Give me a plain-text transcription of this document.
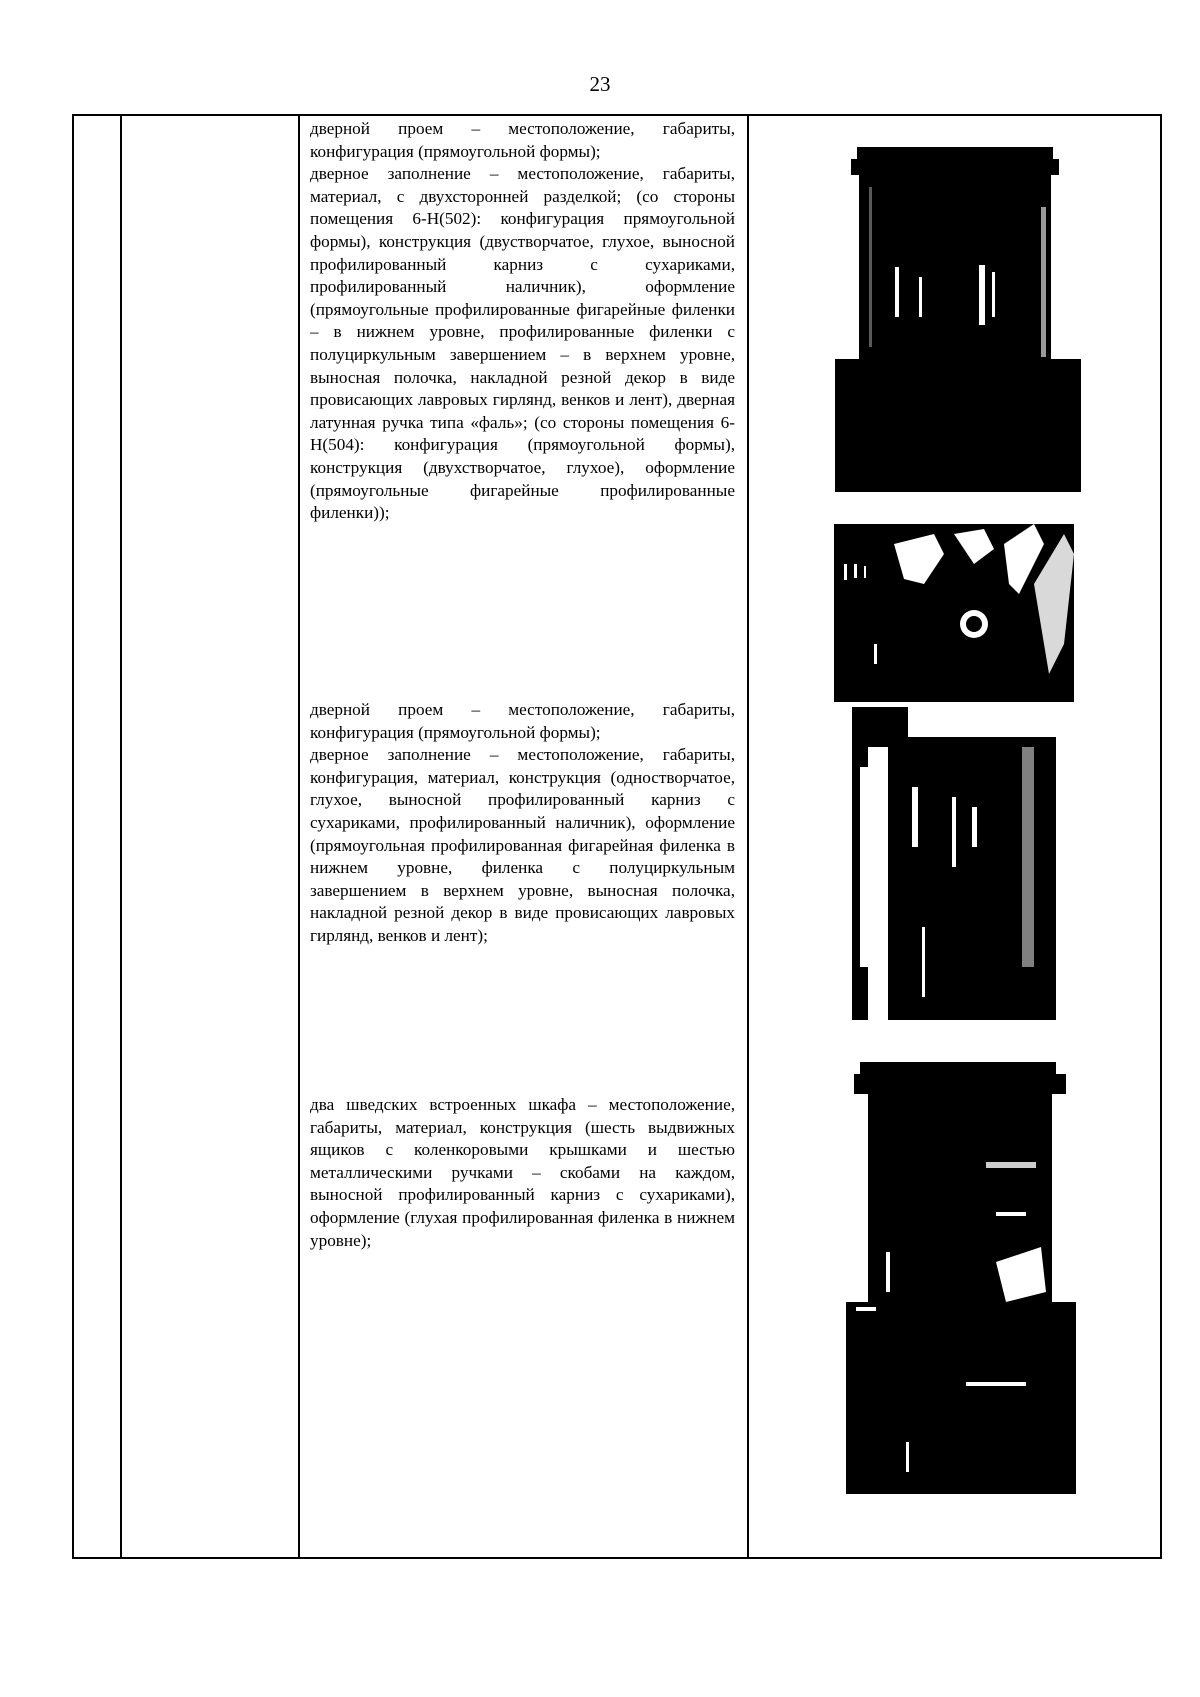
23
дверной проем – местоположение, габариты, конфигурация (прямоугольной формы);
дверное заполнение – местоположение, габариты, материал, с двухсторонней разделкой; (со стороны помещения 6-Н(502): конфигурация прямоугольной формы), конструкция (двустворчатое, глухое, выносной профилированный карниз с сухариками, профилированный наличник), оформление (прямоугольные профилированные фигарейные филенки – в нижнем уровне, профилированные филенки с полуциркульным завершением – в верхнем уровне, выносная полочка, накладной резной декор в виде провисающих лавровых гирлянд, венков и лент), дверная латунная ручка типа «фаль»; (со стороны помещения 6-Н(504): конфигурация (прямоугольной формы), конструкция (двухстворчатое, глухое), оформление (прямоугольные фигарейные профилированные филенки));
дверной проем – местоположение, габариты, конфигурация (прямоугольной формы);
дверное заполнение – местоположение, габариты, конфигурация, материал, конструкция (одностворчатое, глухое, выносной профилированный карниз с сухариками, профилированный наличник), оформление (прямоугольная профилированная фигарейная филенка в нижнем уровне, филенка с полуциркульным завершением в верхнем уровне, выносная полочка, накладной резной декор в виде провисающих лавровых гирлянд, венков и лент);
два шведских встроенных шкафа – местоположение, габариты, материал, конструкция (шесть выдвижных ящиков с коленкоровыми крышками и шестью металлическими ручками – скобами на каждом, выносной профилированный карниз с сухариками), оформление (глухая профилированная филенка в нижнем уровне);
